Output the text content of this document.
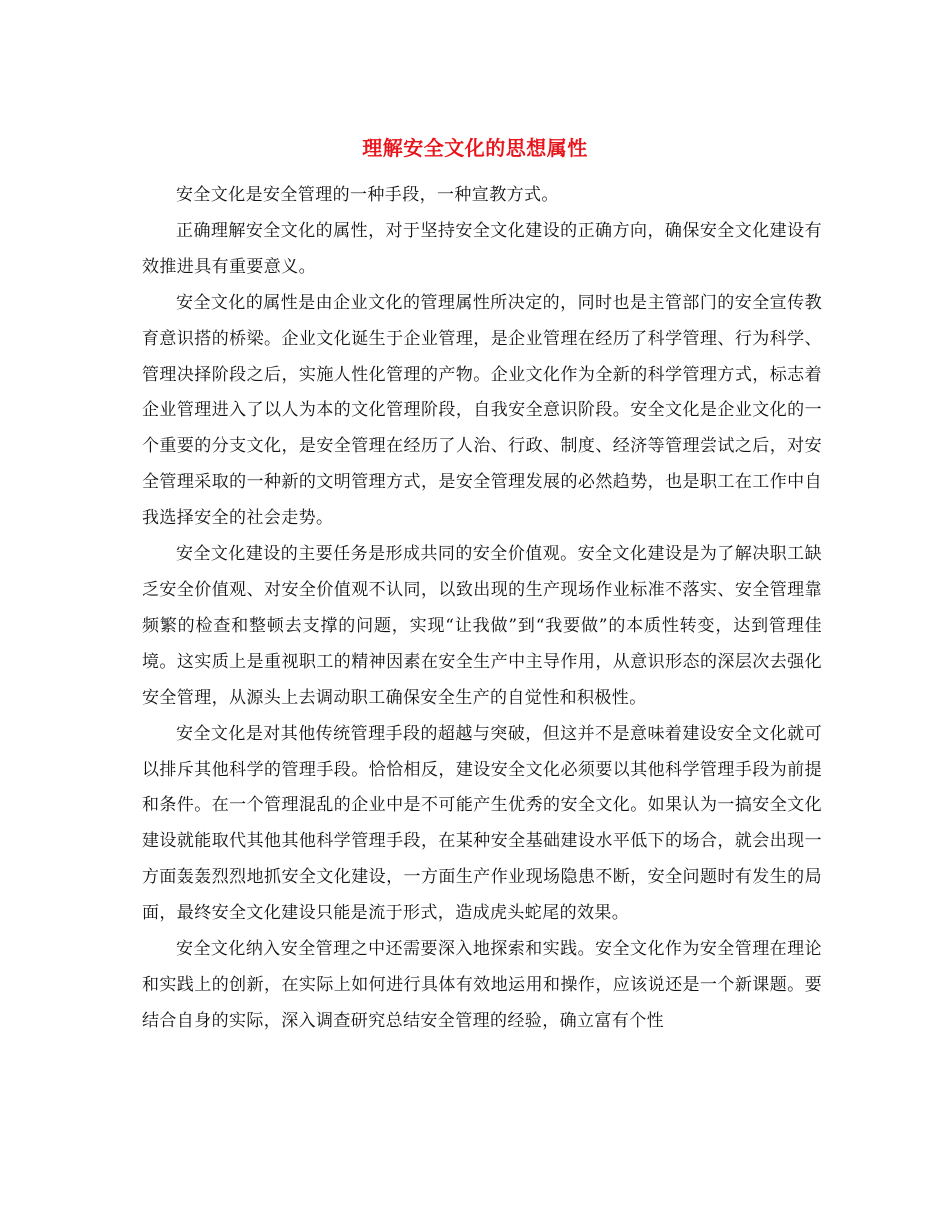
理解安全文化的思想属性

安全文化是安全管理的一种手段，一种宣教方式。

正确理解安全文化的属性，对于坚持安全文化建设的正确方向，确保安全文化建设有效推进具有重要意义。

安全文化的属性是由企业文化的管理属性所决定的，同时也是主管部门的安全宣传教育意识搭的桥梁。企业文化诞生于企业管理，是企业管理在经历了科学管理、行为科学、管理决择阶段之后，实施人性化管理的产物。企业文化作为全新的科学管理方式，标志着企业管理进入了以人为本的文化管理阶段，自我安全意识阶段。安全文化是企业文化的一个重要的分支文化，是安全管理在经历了人治、行政、制度、经济等管理尝试之后，对安全管理采取的一种新的文明管理方式，是安全管理发展的必然趋势，也是职工在工作中自我选择安全的社会走势。

安全文化建设的主要任务是形成共同的安全价值观。安全文化建设是为了解决职工缺乏安全价值观、对安全价值观不认同，以致出现的生产现场作业标准不落实、安全管理靠频繁的检查和整顿去支撑的问题，实现“让我做”到“我要做”的本质性转变，达到管理佳境。这实质上是重视职工的精神因素在安全生产中主导作用，从意识形态的深层次去强化安全管理，从源头上去调动职工确保安全生产的自觉性和积极性。

安全文化是对其他传统管理手段的超越与突破，但这并不是意味着建设安全文化就可以排斥其他科学的管理手段。恰恰相反，建设安全文化必须要以其他科学管理手段为前提和条件。在一个管理混乱的企业中是不可能产生优秀的安全文化。如果认为一搞安全文化建设就能取代其他其他科学管理手段，在某种安全基础建设水平低下的场合，就会出现一方面轰轰烈烈地抓安全文化建设，一方面生产作业现场隐患不断，安全问题时有发生的局面，最终安全文化建设只能是流于形式，造成虎头蛇尾的效果。

安全文化纳入安全管理之中还需要深入地探索和实践。安全文化作为安全管理在理论和实践上的创新，在实际上如何进行具体有效地运用和操作，应该说还是一个新课题。要结合自身的实际，深入调查研究总结安全管理的经验，确立富有个性
